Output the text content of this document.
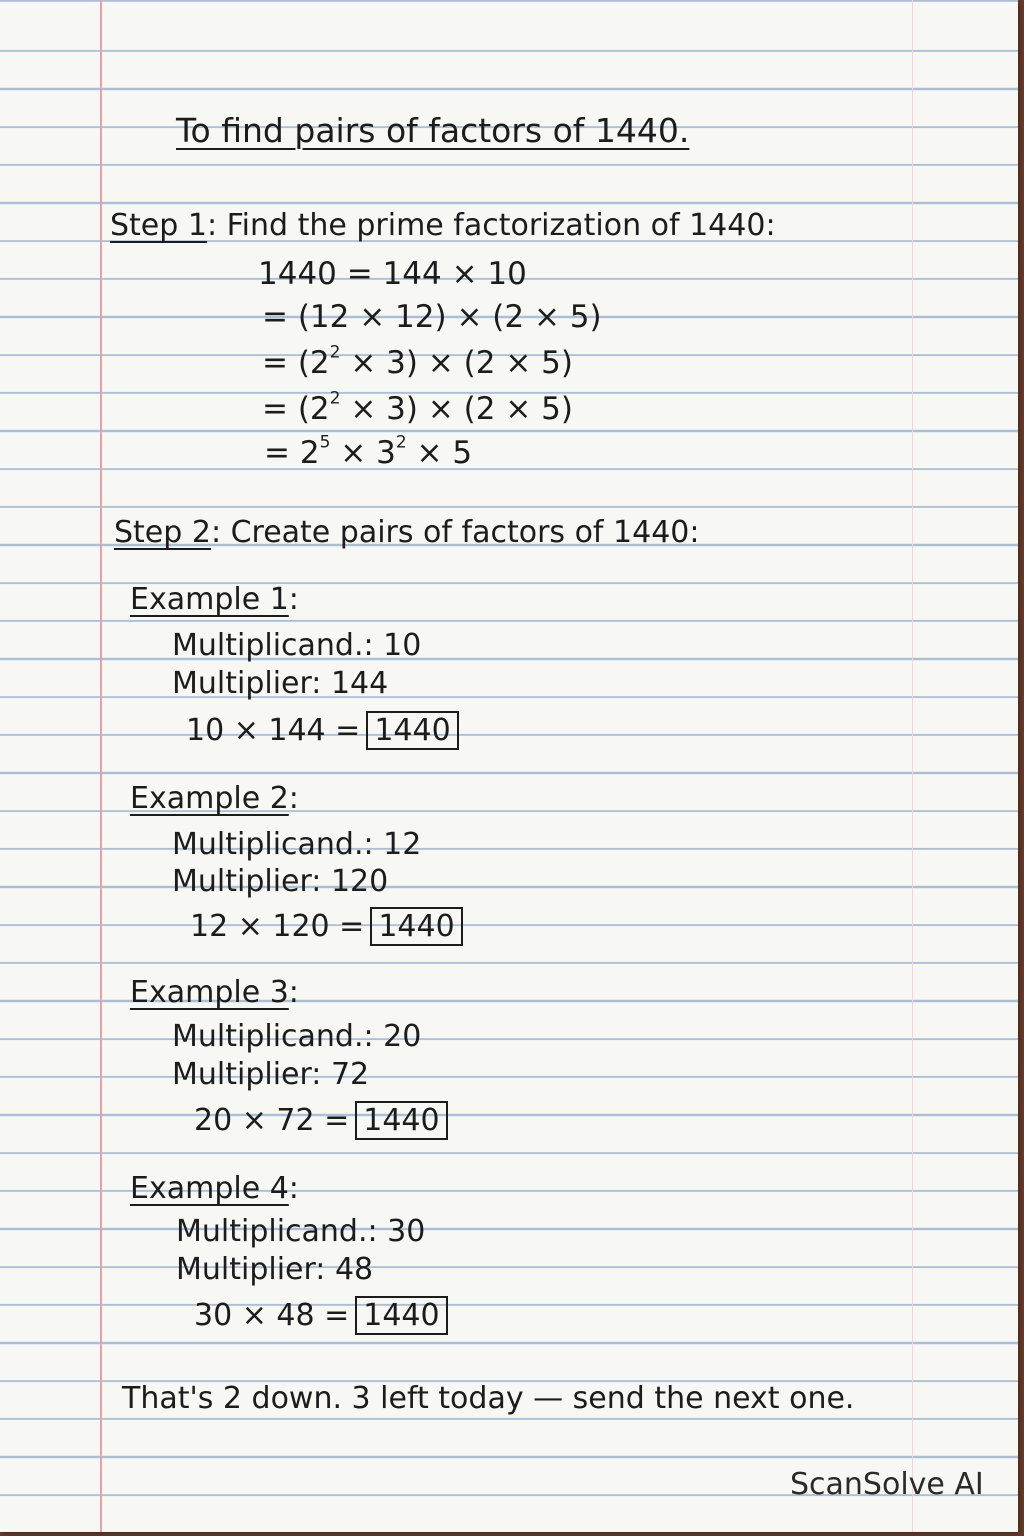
To find pairs of factors of 1440.
Step 1: Find the prime factorization of 1440:
1440 = 144 × 10
= (12 × 12) × (2 × 5)
= $(2^2 \times 3) \times (2 \times 5)$
= $(2^2 \times 3) \times (2 \times 5)$
= $2^5 \times 3^2 \times 5$
Step 2: Create pairs of factors of 1440:
Example 1:
Multiplicand.: 10
Multiplier: 144
10 × 144 = 1440
Example 2:
Multiplicand.: 12
Multiplier: 120
12 × 120 = 1440
Example 3:
Multiplicand.: 20
Multiplier: 72
20 × 72 = 1440
Example 4:
Multiplicand.: 30
Multiplier: 48
30 × 48 = 1440
That's 2 down. 3 left today — send the next one.
ScanSolve AI
